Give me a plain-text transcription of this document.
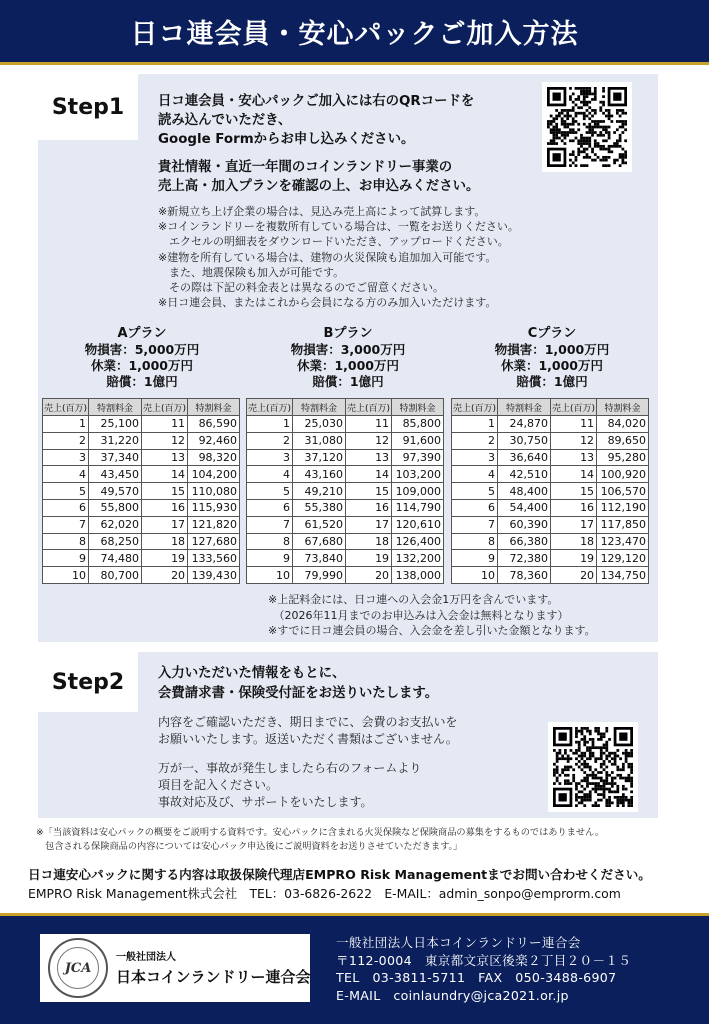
日コ連会員・安心パックご加入方法
Step1	日コ連会員・安心パックご加入には右のQRコードを
読み込んでいただき、
Google Formからお申し込みください。
貴社情報・直近一年間のコインランドリー事業の
売上高・加入プランを確認の上、お申込みください。
※新規立ち上げ企業の場合は、見込み売上高によって試算します。
※コインランドリーを複数所有している場合は、一覧をお送りください。
　エクセルの明細表をダウンロードいただき、アップロードください。
※建物を所有している場合は、建物の火災保険も追加加入可能です。
　また、地震保険も加入が可能です。
　その際は下記の料金表とは異なるのでご留意ください。
※日コ連会員、またはこれから会員になる方のみ加入いただけます。
Aプラン
物損害：5,000万円
休業：1,000万円
賠償：1億円
Bプラン
物損害：3,000万円
休業：1,000万円
賠償：1億円
Cプラン
物損害：1,000万円
休業：1,000万円
賠償：1億円
売上(百万)	特割料金	売上(百万)	特割料金
1	25,100	11	86,590
2	31,220	12	92,460
3	37,340	13	98,320
4	43,450	14	104,200
5	49,570	15	110,080
6	55,800	16	115,930
7	62,020	17	121,820
8	68,250	18	127,680
9	74,480	19	133,560
10	80,700	20	139,430
売上(百万)	特割料金	売上(百万)	特割料金
1	25,030	11	85,800
2	31,080	12	91,600
3	37,120	13	97,390
4	43,160	14	103,200
5	49,210	15	109,000
6	55,380	16	114,790
7	61,520	17	120,610
8	67,680	18	126,400
9	73,840	19	132,200
10	79,990	20	138,000
売上(百万)	特割料金	売上(百万)	特割料金
1	24,870	11	84,020
2	30,750	12	89,650
3	36,640	13	95,280
4	42,510	14	100,920
5	48,400	15	106,570
6	54,400	16	112,190
7	60,390	17	117,850
8	66,380	18	123,470
9	72,380	19	129,120
10	78,360	20	134,750
※上記料金には、日コ連への入会金1万円を含んでいます。
　（2026年11月までのお申込みは入会金は無料となります）
※すでに日コ連会員の場合、入会金を差し引いた金額となります。
Step2	入力いただいた情報をもとに、
会費請求書・保険受付証をお送りいたします。
内容をご確認いただき、期日までに、会費のお支払いを
お願いいたします。返送いただく書類はございません。
万が一、事故が発生しましたら右のフォームより
項目を記入ください。
事故対応及び、サポートをいたします。
※「当該資料は安心パックの概要をご説明する資料です。安心パックに含まれる火災保険など保険商品の募集をするものではありません。
　包含される保険商品の内容については安心パック申込後にご説明資料をお送りさせていただきます。」
日コ連安心パックに関する内容は取扱保険代理店EMPRO Risk Managementまでお問い合わせください。
EMPRO Risk Management株式会社　TEL：03-6826-2622　E-MAIL：admin_sonpo@emprorm.com
JCA
一般社団法人
日本コインランドリー連合会
一般社団法人日本コインランドリー連合会
〒112-0004　東京都文京区後楽２丁目２０－１５
TEL　03-3811-5711　FAX　050-3488-6907
E-MAIL　coinlaundry@jca2021.or.jp
